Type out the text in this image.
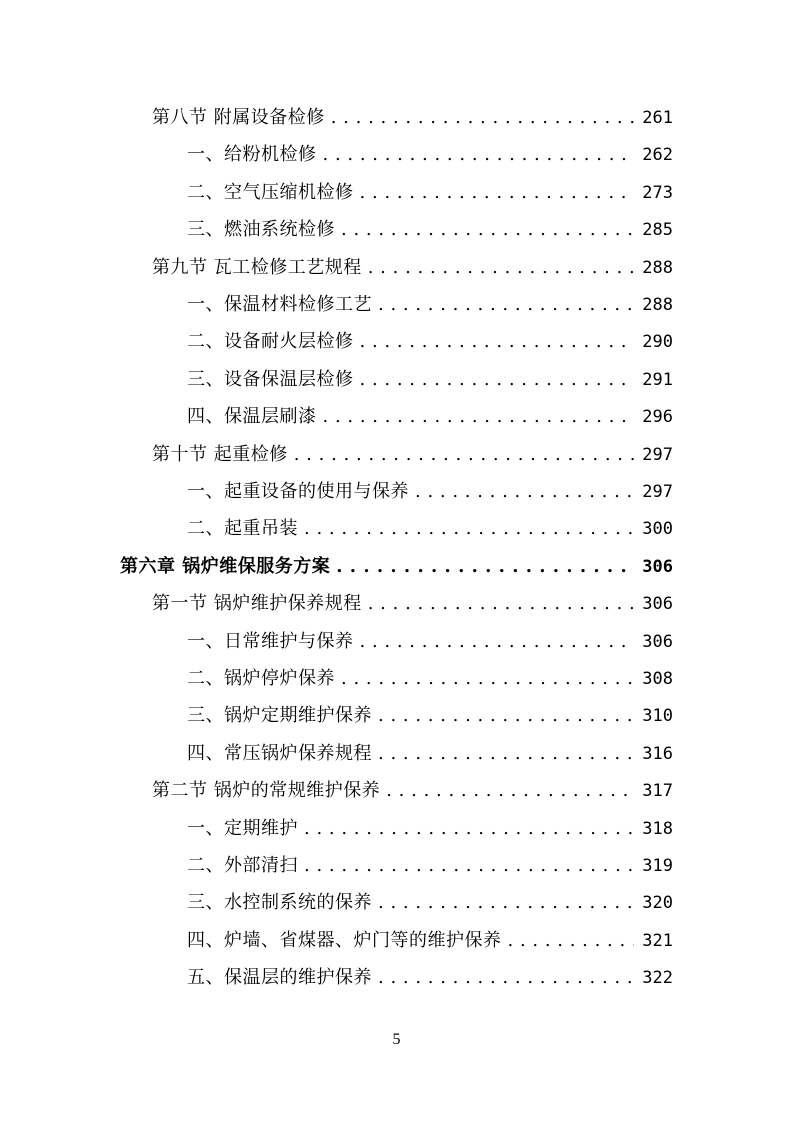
第八节 附属设备检修 . . .	261
一、给粉机检修 . . .	262
二、空气压缩机检修 . . .	273
三、燃油系统检修 . . .	285
第九节 瓦工检修工艺规程 . . .	288
一、保温材料检修工艺 . . .	288
二、设备耐火层检修 . . .	290
三、设备保温层检修 . . .	291
四、保温层刷漆 . . .	296
第十节 起重检修 . . .	297
一、起重设备的使用与保养 . . .	297
二、起重吊装 . . .	300
第六章 锅炉维保服务方案 . . .	306
第一节 锅炉维护保养规程 . . .	306
一、日常维护与保养 . . .	306
二、锅炉停炉保养 . . .	308
三、锅炉定期维护保养 . . .	310
四、常压锅炉保养规程 . . .	316
第二节 锅炉的常规维护保养 . . .	317
一、定期维护 . . .	318
二、外部清扫 . . .	319
三、水控制系统的保养 . . .	320
四、炉墙、省煤器、炉门等的维护保养 . . .	321
五、保温层的维护保养 . . .	322
5
